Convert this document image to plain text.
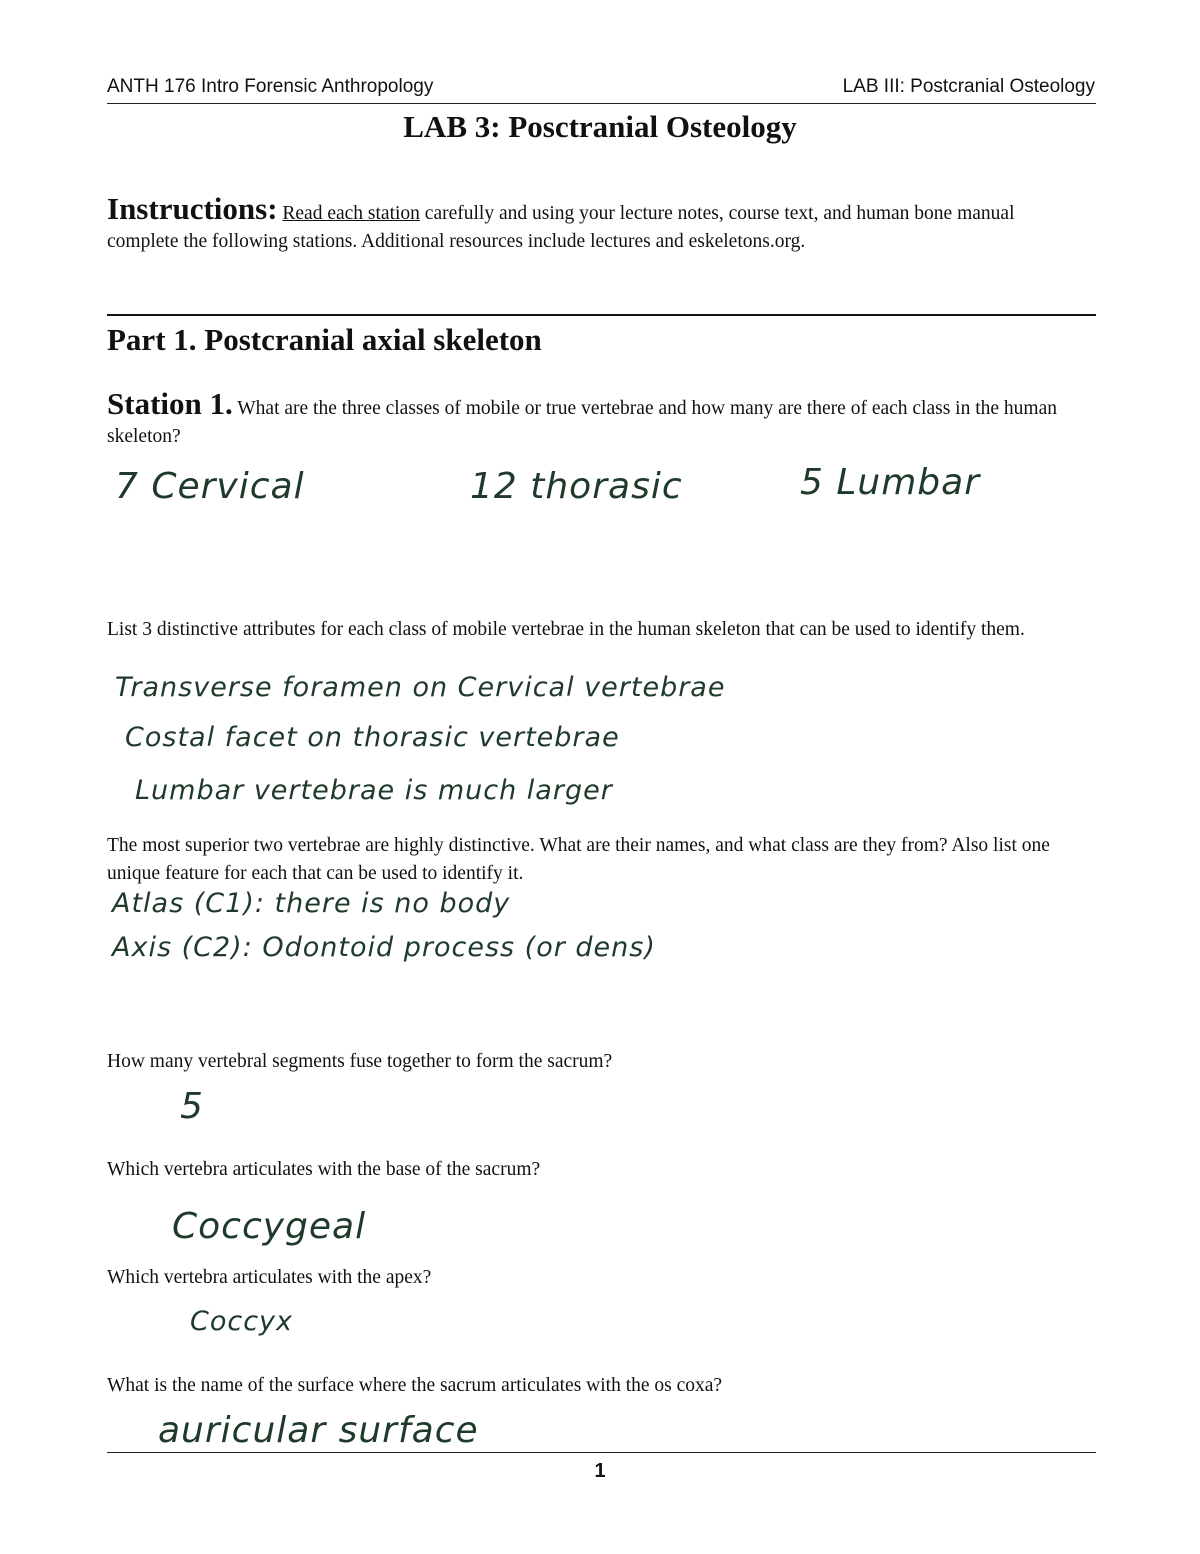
ANTH 176 Intro Forensic Anthropology	LAB III: Postcranial Osteology
LAB 3: Posctranial Osteology
Instructions: Read each station carefully and using your lecture notes, course text, and human bone manual complete the following stations. Additional resources include lectures and eskeletons.org.
Part 1. Postcranial axial skeleton
Station 1. What are the three classes of mobile or true vertebrae and how many are there of each class in the human skeleton?
7 Cervical	12 thorasic	5 Lumbar
List 3 distinctive attributes for each class of mobile vertebrae in the human skeleton that can be used to identify them.
Transverse foramen on Cervical vertebrae
Costal facet on thorasic vertebrae
Lumbar vertebrae is much larger
The most superior two vertebrae are highly distinctive. What are their names, and what class are they from? Also list one unique feature for each that can be used to identify it.
Atlas (C1): there is no body
Axis (C2): Odontoid process (or dens)
How many vertebral segments fuse together to form the sacrum?
5
Which vertebra articulates with the base of the sacrum?
Coccygeal
Which vertebra articulates with the apex?
Coccyx
What is the name of the surface where the sacrum articulates with the os coxa?
auricular surface
1
